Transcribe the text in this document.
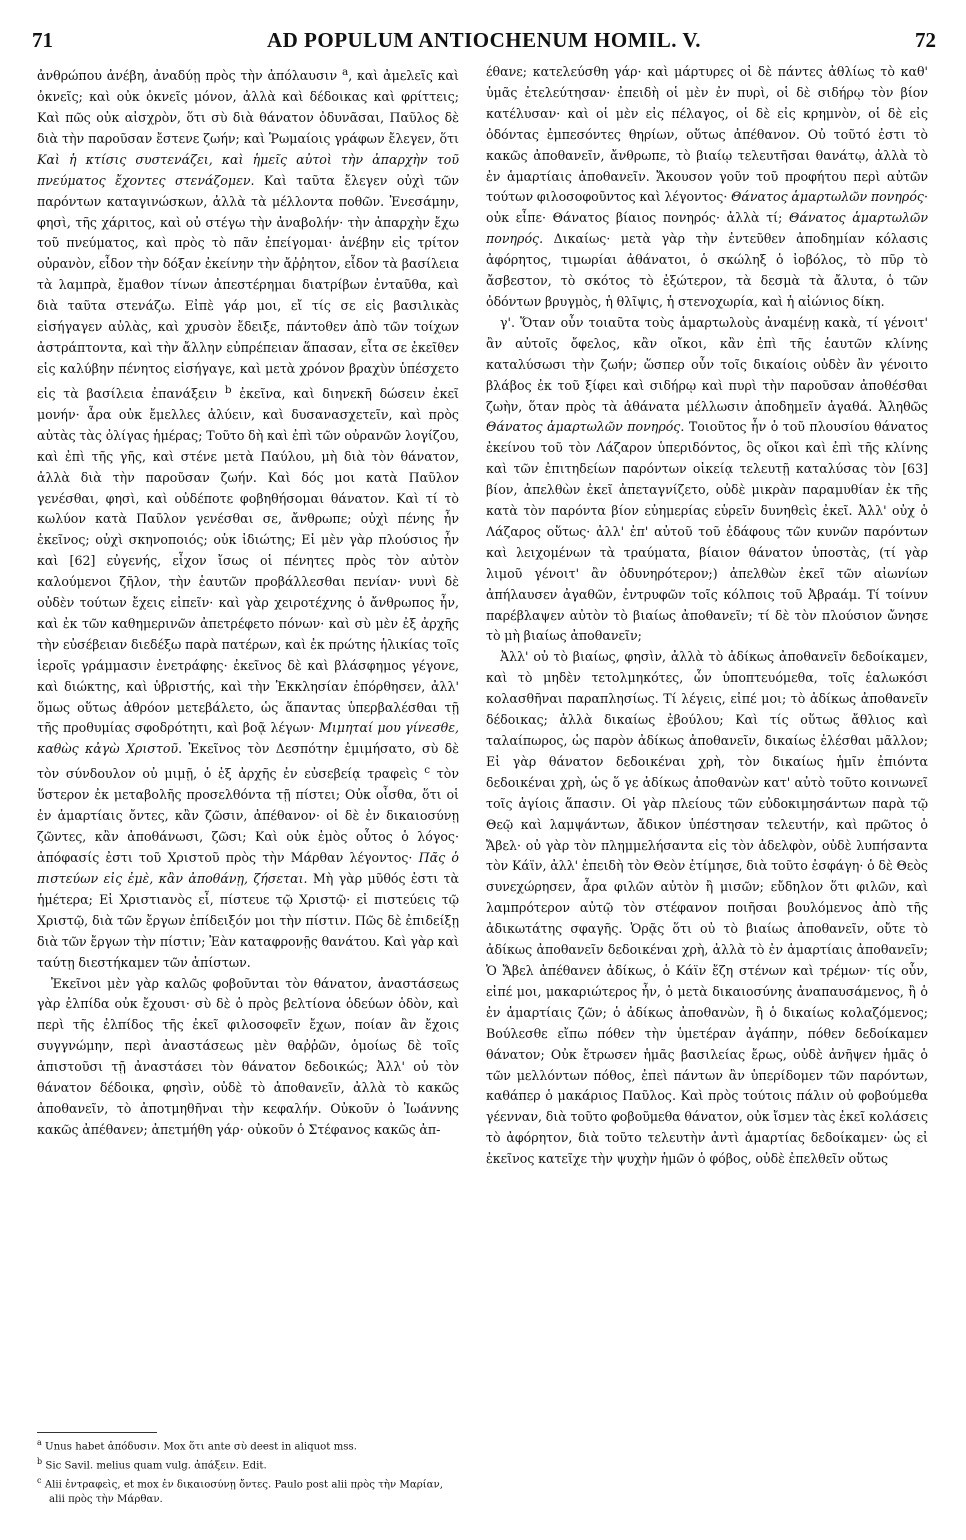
71	AD POPULUM ANTIOCHENUM HOMIL. V.	72

ἀνθρώπου ἀνέβη, ἀναδύῃ πρὸς τὴν ἀπόλαυσιν $^a$, καὶ ἀμελεῖς καὶ ὀκνεῖς; καὶ οὐκ ὀκνεῖς μόνον, ἀλλὰ καὶ δέδοικας καὶ φρίττεις; Καὶ πῶς οὐκ αἰσχρὸν, ὅτι σὺ διὰ θάνατον ὀδυνᾶσαι, Παῦλος δὲ διὰ τὴν παροῦσαν ἔστενε ζωήν; καὶ Ῥωμαίοις γράφων ἔλεγεν, ὅτι Καὶ ἡ κτίσις συστενάζει, καὶ ἡμεῖς αὐτοὶ τὴν ἀπαρχὴν τοῦ πνεύματος ἔχοντες στενάζομεν. Καὶ ταῦτα ἔλεγεν οὐχὶ τῶν παρόντων καταγινώσκων, ἀλλὰ τὰ μέλλοντα ποθῶν. Ἐνεσάμην, φησὶ, τῆς χάριτος, καὶ οὐ στέγω τὴν ἀναβολήν· τὴν ἀπαρχὴν ἔχω τοῦ πνεύματος, καὶ πρὸς τὸ πᾶν ἐπείγομαι· ἀνέβην εἰς τρίτον οὐρανὸν, εἶδον τὴν δόξαν ἐκείνην τὴν ἄῤῥητον, εἶδον τὰ βασίλεια τὰ λαμπρὰ, ἔμαθον τίνων ἀπεστέρημαι διατρίβων ἐνταῦθα, καὶ διὰ ταῦτα στενάζω. Εἰπὲ γάρ μοι, εἴ τίς σε εἰς βασιλικὰς εἰσήγαγεν αὐλὰς, καὶ χρυσὸν ἔδειξε, πάντοθεν ἀπὸ τῶν τοίχων ἀστράπτοντα, καὶ τὴν ἄλλην εὐπρέπειαν ἅπασαν, εἶτα σε ἐκεῖθεν εἰς καλύβην πένητος εἰσήγαγε, καὶ μετὰ χρόνον βραχὺν ὑπέσχετο εἰς τὰ βασίλεια ἐπανάξειν $^b$ ἐκεῖνα, καὶ διηνεκῆ δώσειν ἐκεῖ μονήν· ἆρα οὐκ ἔμελλες ἀλύειν, καὶ δυσανασχετεῖν, καὶ πρὸς αὐτὰς τὰς ὀλίγας ἡμέρας; Τοῦτο δὴ καὶ ἐπὶ τῶν οὐρανῶν λογίζου, καὶ ἐπὶ τῆς γῆς, καὶ στένε μετὰ Παύλου, μὴ διὰ τὸν θάνατον, ἀλλὰ διὰ τὴν παροῦσαν ζωήν. Καὶ δός μοι κατὰ Παῦλον γενέσθαι, φησὶ, καὶ οὐδέποτε φοβηθήσομαι θάνατον. Καὶ τί τὸ κωλύον κατὰ Παῦλον γενέσθαι σε, ἄνθρωπε; οὐχὶ πένης ἦν ἐκεῖνος; οὐχὶ σκηνοποιός; οὐκ ἰδιώτης; Εἰ μὲν γὰρ πλούσιος ἦν καὶ [62] εὐγενής, εἶχον ἴσως οἱ πένητες πρὸς τὸν αὐτὸν καλούμενοι ζῆλον, τὴν ἑαυτῶν προβάλλεσθαι πενίαν· νυνὶ δὲ οὐδὲν τούτων ἔχεις εἰπεῖν· καὶ γὰρ χειροτέχνης ὁ ἄνθρωπος ἦν, καὶ ἐκ τῶν καθημερινῶν ἀπετρέφετο πόνων· καὶ σὺ μὲν ἐξ ἀρχῆς τὴν εὐσέβειαν διεδέξω παρὰ πατέρων, καὶ ἐκ πρώτης ἡλικίας τοῖς ἱεροῖς γράμμασιν ἐνετράφης· ἐκεῖνος δὲ καὶ βλάσφημος γέγονε, καὶ διώκτης, καὶ ὑβριστής, καὶ τὴν Ἐκκλησίαν ἐπόρθησεν, ἀλλ' ὅμως οὕτως ἀθρόον μετεβάλετο, ὡς ἅπαντας ὑπερβαλέσθαι τῇ τῆς προθυμίας σφοδρότητι, καὶ βοᾷ λέγων· Μιμηταί μου γίνεσθε, καθὼς κἀγὼ Χριστοῦ. Ἐκεῖνος τὸν Δεσπότην ἐμιμήσατο, σὺ δὲ τὸν σύνδουλον οὐ μιμῇ, ὁ ἐξ ἀρχῆς ἐν εὐσεβείᾳ τραφεὶς $^c$ τὸν ὕστερον ἐκ μεταβολῆς προσελθόντα τῇ πίστει; Οὐκ οἶσθα, ὅτι οἱ ἐν ἁμαρτίαις ὄντες, κἂν ζῶσιν, ἀπέθανον· οἱ δὲ ἐν δικαιοσύνῃ ζῶντες, κἂν ἀποθάνωσι, ζῶσι; Καὶ οὐκ ἐμὸς οὗτος ὁ λόγος· ἀπόφασίς ἐστι τοῦ Χριστοῦ πρὸς τὴν Μάρθαν λέγοντος· Πᾶς ὁ πιστεύων εἰς ἐμὲ, κἂν ἀποθάνῃ, ζήσεται. Μὴ γὰρ μῦθός ἐστι τὰ ἡμέτερα; Εἰ Χριστιανὸς εἶ, πίστευε τῷ Χριστῷ· εἰ πιστεύεις τῷ Χριστῷ, διὰ τῶν ἔργων ἐπίδειξόν μοι τὴν πίστιν. Πῶς δὲ ἐπιδείξῃ διὰ τῶν ἔργων τὴν πίστιν; Ἐὰν καταφρονῇς θανάτου. Καὶ γὰρ καὶ ταύτῃ διεστήκαμεν τῶν ἀπίστων.

Ἐκεῖνοι μὲν γὰρ καλῶς φοβοῦνται τὸν θάνατον, ἀναστάσεως γὰρ ἐλπίδα οὐκ ἔχουσι· σὺ δὲ ὁ πρὸς βελτίονα ὁδεύων ὁδὸν, καὶ περὶ τῆς ἐλπίδος τῆς ἐκεῖ φιλοσοφεῖν ἔχων, ποίαν ἂν ἔχοις συγγνώμην, περὶ ἀναστάσεως μὲν θαῤῥῶν, ὁμοίως δὲ τοῖς ἀπιστοῦσι τῇ ἀναστάσει τὸν θάνατον δεδοικώς; Ἀλλ' οὐ τὸν θάνατον δέδοικα, φησὶν, οὐδὲ τὸ ἀποθανεῖν, ἀλλὰ τὸ κακῶς ἀποθανεῖν, τὸ ἀποτμηθῆναι τὴν κεφαλήν. Οὐκοῦν ὁ Ἰωάννης κακῶς ἀπέθανεν; ἀπετμήθη γάρ· οὐκοῦν ὁ Στέφανος κακῶς ἀπ-

έθανε; κατελεύσθη γάρ· καὶ μάρτυρες οἱ δὲ πάντες ἀθλίως τὸ καθ' ὑμᾶς ἐτελεύτησαν· ἐπειδὴ οἱ μὲν ἐν πυρὶ, οἱ δὲ σιδήρῳ τὸν βίον κατέλυσαν· καὶ οἱ μὲν εἰς πέλαγος, οἱ δὲ εἰς κρημνὸν, οἱ δὲ εἰς ὀδόντας ἐμπεσόντες θηρίων, οὕτως ἀπέθανον. Οὐ τοῦτό ἐστι τὸ κακῶς ἀποθανεῖν, ἄνθρωπε, τὸ βιαίῳ τελευτῆσαι θανάτῳ, ἀλλὰ τὸ ἐν ἁμαρτίαις ἀποθανεῖν. Ἄκουσον γοῦν τοῦ προφήτου περὶ αὐτῶν τούτων φιλοσοφοῦντος καὶ λέγοντος· Θάνατος ἁμαρτωλῶν πονηρός· οὐκ εἶπε· Θάνατος βίαιος πονηρός· ἀλλὰ τί; Θάνατος ἁμαρτωλῶν πονηρός. Δικαίως· μετὰ γὰρ τὴν ἐντεῦθεν ἀποδημίαν κόλασις ἀφόρητος, τιμωρίαι ἀθάνατοι, ὁ σκώληξ ὁ ἰοβόλος, τὸ πῦρ τὸ ἄσβεστον, τὸ σκότος τὸ ἐξώτερον, τὰ δεσμὰ τὰ ἄλυτα, ὁ τῶν ὀδόντων βρυγμὸς, ἡ θλῖψις, ἡ στενοχωρία, καὶ ἡ αἰώνιος δίκη.

γ'. Ὅταν οὖν τοιαῦτα τοὺς ἁμαρτωλοὺς ἀναμένῃ κακὰ, τί γένοιτ' ἂν αὐτοῖς ὄφελος, κἂν οἴκοι, κἂν ἐπὶ τῆς ἑαυτῶν κλίνης καταλύσωσι τὴν ζωήν; ὥσπερ οὖν τοῖς δικαίοις οὐδὲν ἂν γένοιτο βλάβος ἐκ τοῦ ξίφει καὶ σιδήρῳ καὶ πυρὶ τὴν παροῦσαν ἀποθέσθαι ζωὴν, ὅταν πρὸς τὰ ἀθάνατα μέλλωσιν ἀποδημεῖν ἀγαθά. Ἀληθῶς Θάνατος ἁμαρτωλῶν πονηρός. Τοιοῦτος ἦν ὁ τοῦ πλουσίου θάνατος ἐκείνου τοῦ τὸν Λάζαρον ὑπεριδόντος, ὃς οἴκοι καὶ ἐπὶ τῆς κλίνης καὶ τῶν ἐπιτηδείων παρόντων οἰκείᾳ τελευτῇ καταλύσας τὸν [63] βίον, ἀπελθὼν ἐκεῖ ἀπεταγνίζετο, οὐδὲ μικρὰν παραμυθίαν ἐκ τῆς κατὰ τὸν παρόντα βίον εὐημερίας εὑρεῖν δυνηθεὶς ἐκεῖ. Ἀλλ' οὐχ ὁ Λάζαρος οὕτως· ἀλλ' ἐπ' αὐτοῦ τοῦ ἐδάφους τῶν κυνῶν παρόντων καὶ λειχομένων τὰ τραύματα, βίαιον θάνατον ὑποστὰς, (τί γὰρ λιμοῦ γένοιτ' ἂν ὀδυνηρότερον;) ἀπελθὼν ἐκεῖ τῶν αἰωνίων ἀπήλαυσεν ἀγαθῶν, ἐντρυφῶν τοῖς κόλποις τοῦ Ἀβραάμ. Τί τοίνυν παρέβλαψεν αὐτὸν τὸ βιαίως ἀποθανεῖν; τί δὲ τὸν πλούσιον ὤνησε τὸ μὴ βιαίως ἀποθανεῖν;

Ἀλλ' οὐ τὸ βιαίως, φησὶν, ἀλλὰ τὸ ἀδίκως ἀποθανεῖν δεδοίκαμεν, καὶ τὸ μηδὲν τετολμηκότες, ὧν ὑποπτευόμεθα, τοῖς ἑαλωκόσι κολασθῆναι παραπλησίως. Τί λέγεις, εἰπέ μοι; τὸ ἀδίκως ἀποθανεῖν δέδοικας; ἀλλὰ δικαίως ἐβούλου; Καὶ τίς οὕτως ἄθλιος καὶ ταλαίπωρος, ὡς παρὸν ἀδίκως ἀποθανεῖν, δικαίως ἑλέσθαι μᾶλλον; Εἰ γὰρ θάνατον δεδοικέναι χρὴ, τὸν δικαίως ἡμῖν ἐπιόντα δεδοικέναι χρὴ, ὡς ὅ γε ἀδίκως ἀποθανὼν κατ' αὐτὸ τοῦτο κοινωνεῖ τοῖς ἁγίοις ἅπασιν. Οἱ γὰρ πλείους τῶν εὐδοκιμησάντων παρὰ τῷ Θεῷ καὶ λαμψάντων, ἄδικον ὑπέστησαν τελευτήν, καὶ πρῶτος ὁ Ἄβελ· οὐ γὰρ τὸν πλημμελήσαντα εἰς τὸν ἀδελφὸν, οὐδὲ λυπήσαντα τὸν Κάϊν, ἀλλ' ἐπειδὴ τὸν Θεὸν ἐτίμησε, διὰ τοῦτο ἐσφάγη· ὁ δὲ Θεὸς συνεχώρησεν, ἆρα φιλῶν αὐτὸν ἢ μισῶν; εὔδηλον ὅτι φιλῶν, καὶ λαμπρότερον αὐτῷ τὸν στέφανον ποιῆσαι βουλόμενος ἀπὸ τῆς ἀδικωτάτης σφαγῆς. Ὁρᾷς ὅτι οὐ τὸ βιαίως ἀποθανεῖν, οὔτε τὸ ἀδίκως ἀποθανεῖν δεδοικέναι χρὴ, ἀλλὰ τὸ ἐν ἁμαρτίαις ἀποθανεῖν; Ὁ Ἄβελ ἀπέθανεν ἀδίκως, ὁ Κάϊν ἔζη στένων καὶ τρέμων· τίς οὖν, εἰπέ μοι, μακαριώτερος ἦν, ὁ μετὰ δικαιοσύνης ἀναπαυσάμενος, ἢ ὁ ἐν ἁμαρτίαις ζῶν; ὁ ἀδίκως ἀποθανὼν, ἢ ὁ δικαίως κολαζόμενος; Βούλεσθε εἴπω πόθεν τὴν ὑμετέραν ἀγάπην, πόθεν δεδοίκαμεν θάνατον; Οὐκ ἔτρωσεν ἡμᾶς βασιλείας ἔρως, οὐδὲ ἀνῆψεν ἡμᾶς ὁ τῶν μελλόντων πόθος, ἐπεὶ πάντων ἂν ὑπερίδομεν τῶν παρόντων, καθάπερ ὁ μακάριος Παῦλος. Καὶ πρὸς τούτοις πάλιν οὐ φοβούμεθα γέενναν, διὰ τοῦτο φοβοῦμεθα θάνατον, οὐκ ἴσμεν τὰς ἐκεῖ κολάσεις τὸ ἀφόρητον, διὰ τοῦτο τελευτὴν ἀντὶ ἁμαρτίας δεδοίκαμεν· ὡς εἰ ἐκεῖνος κατεῖχε τὴν ψυχὴν ἡμῶν ὁ φόβος, οὐδὲ ἐπελθεῖν οὕτως

$^a$ Unus habet ἀπόδυσιν. Mox ὅτι ante σὺ deest in aliquot mss.

$^b$ Sic Savil. melius quam vulg. ἀπάξειν. Edit.

$^c$ Alii ἐντραφεὶς, et mox ἐν δικαιοσύνῃ ὄντες. Paulo post alii πρὸς τὴν Μαρίαν, alii πρὸς τὴν Μάρθαν.
